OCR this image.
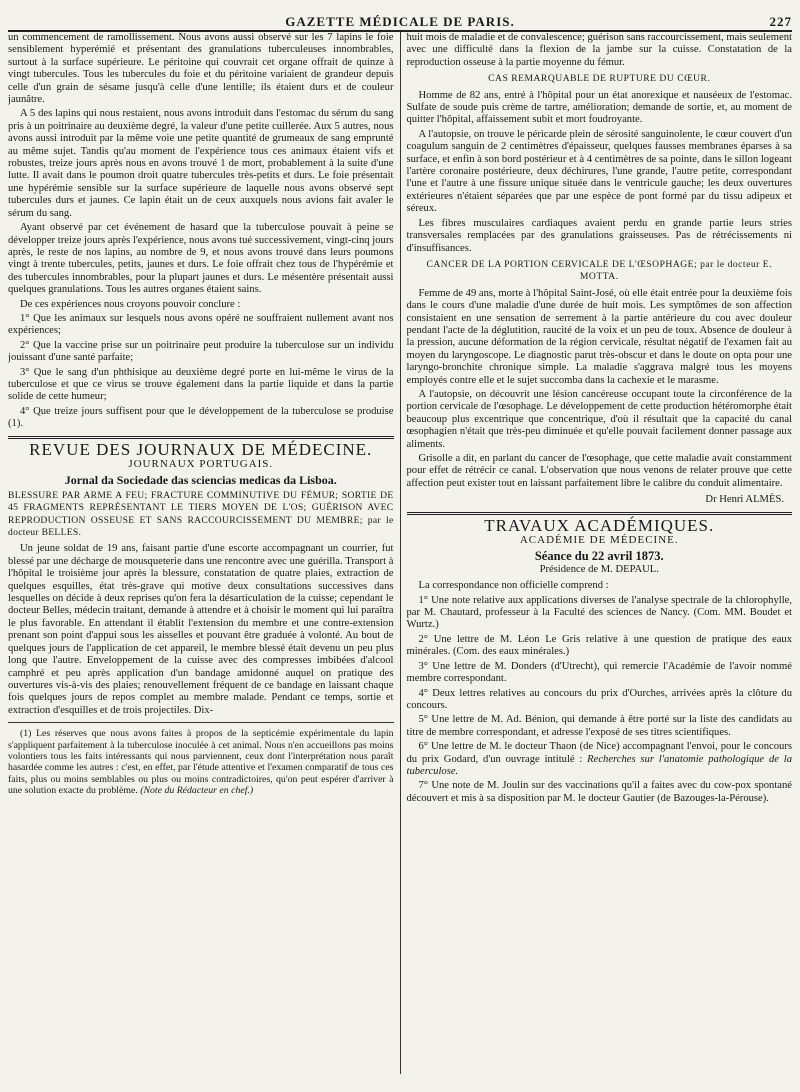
GAZETTE MÉDICALE DE PARIS.	227

un commencement de ramollissement. Nous avons aussi observé sur les 7 lapins le foie sensiblement hyperémié et présentant des granulations tuberculeuses innombrables, surtout à la surface supérieure. Le péritoine qui couvrait cet organe offrait de quinze à vingt tubercules. Tous les tubercules du foie et du péritoine variaient de grandeur depuis celle d'un grain de sésame jusqu'à celle d'une lentille; ils étaient durs et de couleur jaunâtre.

A 5 des lapins qui nous restaient, nous avons introduit dans l'estomac du sérum du sang pris à un poitrinaire au deuxième degré, la valeur d'une petite cuillerée. Aux 5 autres, nous avons aussi introduit par la même voie une petite quantité de grumeaux de sang emprunté au même sujet. Tandis qu'au moment de l'expérience tous ces animaux étaient vifs et robustes, treize jours après nous en avons trouvé 1 de mort, probablement à la suite d'une lutte. Il avait dans le poumon droit quatre tubercules très-petits et durs. Le foie présentait une hypérémie sensible sur la surface supérieure de laquelle nous avons observé sept tubercules durs et jaunes. Ce lapin était un de ceux auxquels nous avions fait avaler le sérum du sang.

Ayant observé par cet événement de hasard que la tuberculose pouvait à peine se développer treize jours après l'expérience, nous avons tué successivement, vingt-cinq jours après, le reste de nos lapins, au nombre de 9, et nous avons trouvé dans leurs poumons vingt à trente tubercules, petits, jaunes et durs. Le foie offrait chez tous de l'hypérémie et des tubercules innombrables, pour la plupart jaunes et durs. Le mésentère présentait aussi quelques granulations. Tous les autres organes étaient sains.

De ces expériences nous croyons pouvoir conclure :

1° Que les animaux sur lesquels nous avons opéré ne souffraient nullement avant nos expériences;

2° Que la vaccine prise sur un poitrinaire peut produire la tuberculose sur un individu jouissant d'une santé parfaite;

3° Que le sang d'un phthisique au deuxième degré porte en lui-même le virus de la tuberculose et que ce virus se trouve également dans la partie liquide et dans la partie solide de cette humeur;

4° Que treize jours suffisent pour que le développement de la tuberculose se produise (1).

REVUE DES JOURNAUX DE MÉDECINE.
JOURNAUX PORTUGAIS.
Jornal da Sociedade das sciencias medicas da Lisboa.

BLESSURE PAR ARME A FEU; FRACTURE COMMINUTIVE DU FÉMUR; SORTIE DE 45 FRAGMENTS REPRÉSENTANT LE TIERS MOYEN DE L'OS; GUÉRISON AVEC REPRODUCTION OSSEUSE ET SANS RACCOURCISSEMENT DU MEMBRE; par le docteur BELLES.

Un jeune soldat de 19 ans, faisant partie d'une escorte accompagnant un courrier, fut blessé par une décharge de mousqueterie dans une rencontre avec une guérilla. Transport à l'hôpital le troisième jour après la blessure, constatation de quatre plaies, extraction de quelques esquilles, état très-grave qui motive deux consultations successives dans lesquelles on décide à deux reprises qu'on fera la désarticulation de la cuisse; cependant le docteur Belles, médecin traitant, demande à attendre et à choisir le moment qui lui paraîtra le plus favorable. En attendant il établit l'extension du membre et une contre-extension prenant son point d'appui sous les aisselles et pouvant être graduée à volonté. Au bout de quelques jours de l'application de cet appareil, le membre blessé était devenu un peu plus long que l'autre. Enveloppement de la cuisse avec des compresses imbibées d'alcool camphré et peu après application d'un bandage amidonné auquel on pratique des ouvertures vis-à-vis des plaies; renouvellement fréquent de ce bandage en laissant chaque fois quelques jours de repos complet au membre malade. Pendant ce temps, sortie et extraction d'esquilles et de trois projectiles. Dix-

(1) Les réserves que nous avons faites à propos de la septicémie expérimentale du lapin s'appliquent parfaitement à la tuberculose inoculée à cet animal. Nous n'en accueillons pas moins volontiers tous les faits intéressants qui nous parviennent, ceux dont l'interprétation nous paraît hasardée comme les autres : c'est, en effet, par l'étude attentive et l'examen comparatif de tous ces faits, plus ou moins semblables ou plus ou moins contradictoires, qu'on peut espérer d'arriver à une solution exacte du problème. (Note du Rédacteur en chef.)

huit mois de maladie et de convalescence; guérison sans raccourcissement, mais seulement avec une difficulté dans la flexion de la jambe sur la cuisse. Constatation de la reproduction osseuse à la partie moyenne du fémur.

CAS REMARQUABLE DE RUPTURE DU CŒUR.

Homme de 82 ans, entré à l'hôpital pour un état anorexique et nauséeux de l'estomac. Sulfate de soude puis crème de tartre, amélioration; demande de sortie, et, au moment de quitter l'hôpital, affaissement subit et mort foudroyante.

A l'autopsie, on trouve le péricarde plein de sérosité sanguinolente, le cœur couvert d'un coagulum sanguin de 2 centimètres d'épaisseur, quelques fausses membranes éparses à sa surface, et enfin à son bord postérieur et à 4 centimètres de sa pointe, dans le sillon logeant l'artère coronaire postérieure, deux déchirures, l'une grande, l'autre petite, correspondant l'une et l'autre à une fissure unique située dans le ventricule gauche; les deux ouvertures extérieures n'étaient séparées que par une espèce de pont formé par du tissu adipeux et séreux.

Les fibres musculaires cardiaques avaient perdu en grande partie leurs stries transversales remplacées par des granulations graisseuses. Pas de rétrécissements ni d'insuffisances.

CANCER DE LA PORTION CERVICALE DE L'ŒSOPHAGE; par le docteur E. MOTTA.

Femme de 49 ans, morte à l'hôpital Saint-José, où elle était entrée pour la deuxième fois dans le cours d'une maladie d'une durée de huit mois. Les symptômes de son affection consistaient en une sensation de serrement à la partie antérieure du cou avec douleur pendant l'acte de la déglutition, raucité de la voix et un peu de toux. Absence de douleur à la pression, aucune déformation de la région cervicale, résultat négatif de l'examen fait au moyen du laryngoscope. Le diagnostic parut très-obscur et dans le doute on opta pour une laryngo-bronchite chronique simple. La maladie s'aggrava malgré tous les moyens employés contre elle et le sujet succomba dans la cachexie et le marasme.

A l'autopsie, on découvrit une lésion cancéreuse occupant toute la circonférence de la portion cervicale de l'œsophage. Le développement de cette production hétéromorphe était beaucoup plus excentrique que concentrique, d'où il résultait que la capacité du canal œsophagien n'était que très-peu diminuée et qu'elle pouvait facilement donner passage aux aliments.

Grisolle a dit, en parlant du cancer de l'œsophage, que cette maladie avait constamment pour effet de rétrécir ce canal. L'observation que nous venons de relater prouve que cette affection peut exister tout en laissant parfaitement libre le calibre du conduit alimentaire.

Dr Henri ALMÈS.
TRAVAUX ACADÉMIQUES.
ACADÉMIE DE MÉDECINE.
Séance du 22 avril 1873.
Présidence de M. DEPAUL.

La correspondance non officielle comprend :

1° Une note relative aux applications diverses de l'analyse spectrale de la chlorophylle, par M. Chautard, professeur à la Faculté des sciences de Nancy. (Com. MM. Boudet et Wurtz.)

2° Une lettre de M. Léon Le Gris relative à une question de pratique des eaux minérales. (Com. des eaux minérales.)

3° Une lettre de M. Donders (d'Utrecht), qui remercie l'Académie de l'avoir nommé membre correspondant.

4° Deux lettres relatives au concours du prix d'Ourches, arrivées après la clôture du concours.

5° Une lettre de M. Ad. Bénion, qui demande à être porté sur la liste des candidats au titre de membre correspondant, et adresse l'exposé de ses titres scientifiques.

6° Une lettre de M. le docteur Thaon (de Nice) accompagnant l'envoi, pour le concours du prix Godard, d'un ouvrage intitulé : Recherches sur l'anatomie pathologique de la tuberculose.

7° Une note de M. Joulin sur des vaccinations qu'il a faites avec du cow-pox spontané découvert et mis à sa disposition par M. le docteur Gautier (de Bazouges-la-Pérouse).
